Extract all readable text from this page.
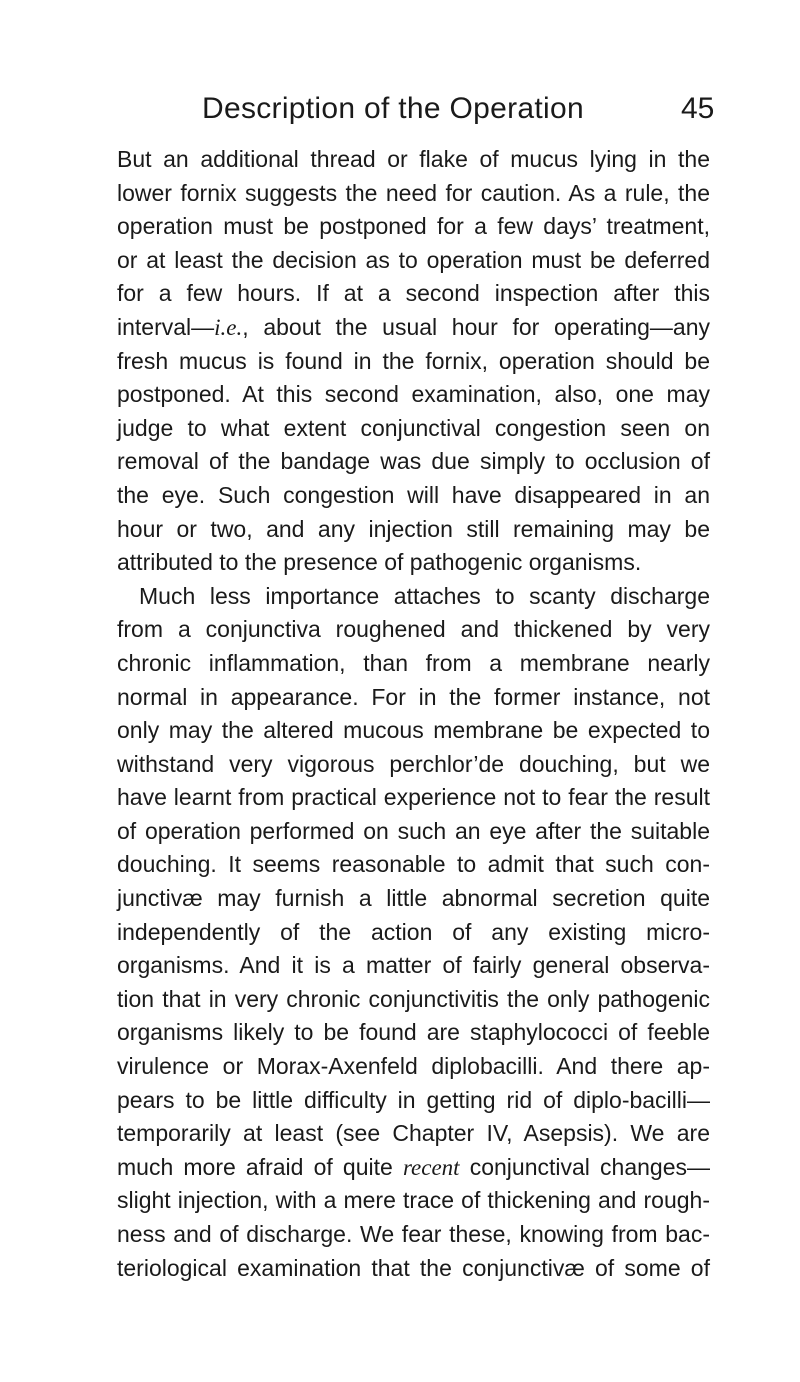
Description of the Operation	45
But an additional thread or flake of mucus lying in the
lower fornix suggests the need for caution. As a rule, the
operation must be postponed for a few days’ treatment,
or at least the decision as to operation must be deferred
for a few hours. If at a second inspection after this
interval—i.e., about the usual hour for operating—any
fresh mucus is found in the fornix, operation should be
postponed. At this second examination, also, one may
judge to what extent conjunctival congestion seen on
removal of the bandage was due simply to occlusion of
the eye. Such congestion will have disappeared in an
hour or two, and any injection still remaining may be
attributed to the presence of pathogenic organisms.
Much less importance attaches to scanty discharge
from a conjunctiva roughened and thickened by very
chronic inflammation, than from a membrane nearly
normal in appearance. For in the former instance, not
only may the altered mucous membrane be expected to
withstand very vigorous perchlor’de douching, but we
have learnt from practical experience not to fear the result
of operation performed on such an eye after the suitable
douching. It seems reasonable to admit that such con-
junctivæ may furnish a little abnormal secretion quite
independently of the action of any existing micro-
organisms. And it is a matter of fairly general observa-
tion that in very chronic conjunctivitis the only pathogenic
organisms likely to be found are staphylococci of feeble
virulence or Morax-Axenfeld diplobacilli. And there ap-
pears to be little difficulty in getting rid of diplo-bacilli—
temporarily at least (see Chapter IV, Asepsis). We are
much more afraid of quite recent conjunctival changes—
slight injection, with a mere trace of thickening and rough-
ness and of discharge. We fear these, knowing from bac-
teriological examination that the conjunctivæ of some of
